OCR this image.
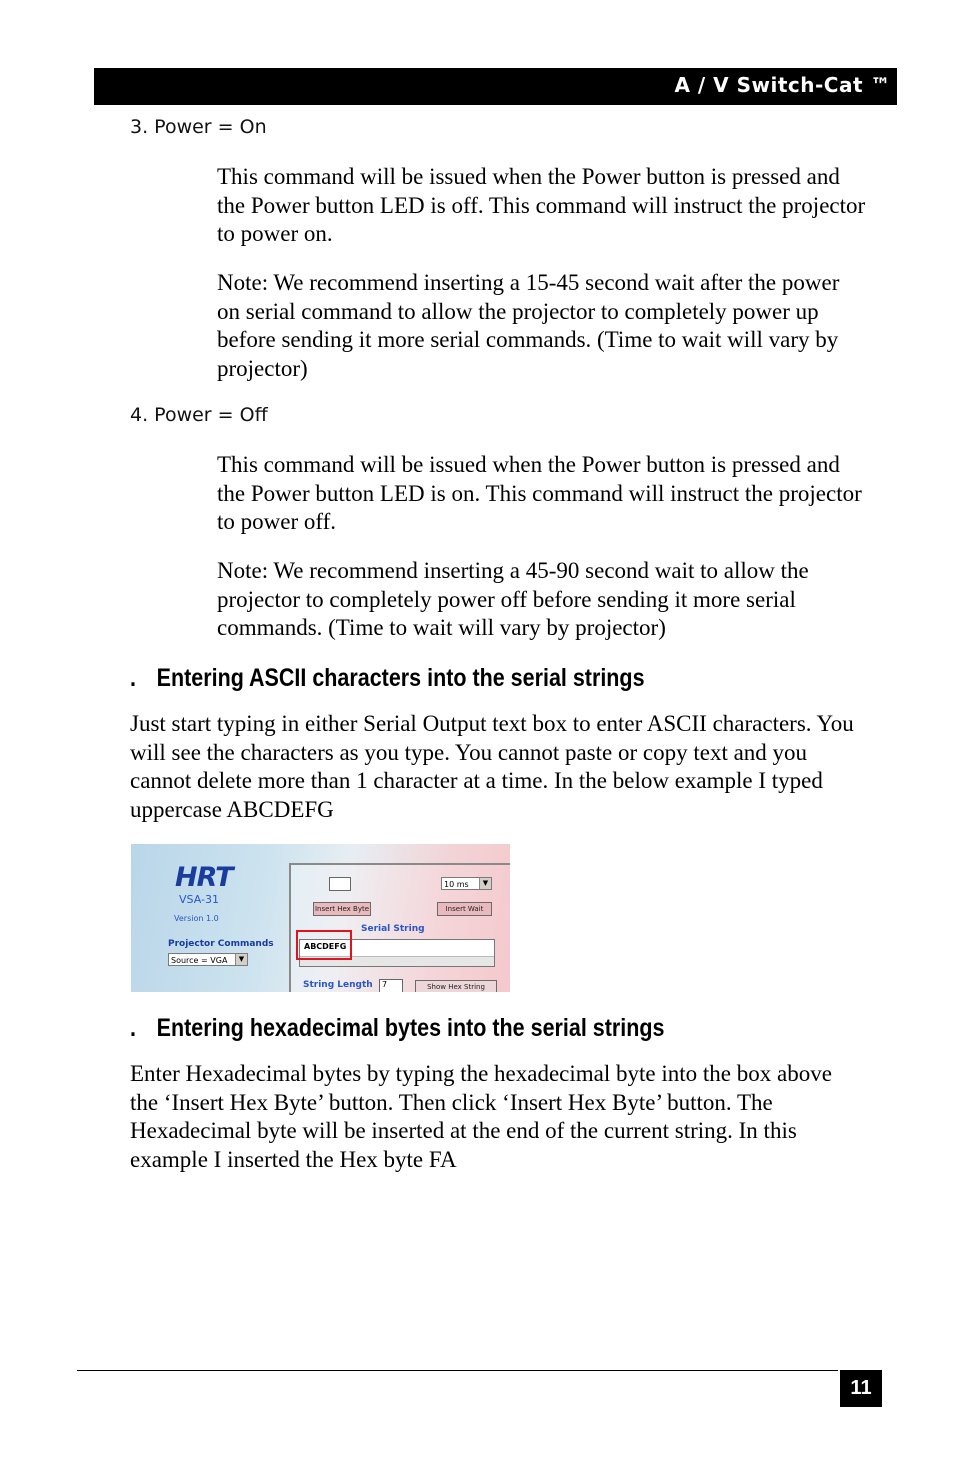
A / V Switch-Cat ™
3. Power = On

This command will be issued when the Power button is pressed and the Power button LED is off. This command will instruct the projector to power on.

Note: We recommend inserting a 15-45 second wait after the power on serial command to allow the projector to completely power up before sending it more serial commands. (Time to wait will vary by projector)

4. Power = Off

This command will be issued when the Power button is pressed and the Power button LED is on. This command will instruct the projector to power off.

Note: We recommend inserting a 45-90 second wait to allow the projector to completely power off before sending it more serial commands. (Time to wait will vary by projector)

. Entering ASCII characters into the serial strings

Just start typing in either Serial Output text box to enter ASCII characters. You will see the characters as you type. You cannot paste or copy text and you cannot delete more than 1 character at a time. In the below example I typed uppercase ABCDEFG

HRT
VSA-31
Version 1.0
Projector Commands
Source = VGA	▼
10 ms	▼
Insert Hex Byte	Insert Wait
Serial String
ABCDEFG
String Length	7	Show Hex String
. Entering hexadecimal bytes into the serial strings

Enter Hexadecimal bytes by typing the hexadecimal byte into the box above the ‘Insert Hex Byte’ button. Then click ‘Insert Hex Byte’ button. The Hexadecimal byte will be inserted at the end of the current string. In this example I inserted the Hex byte FA

11
